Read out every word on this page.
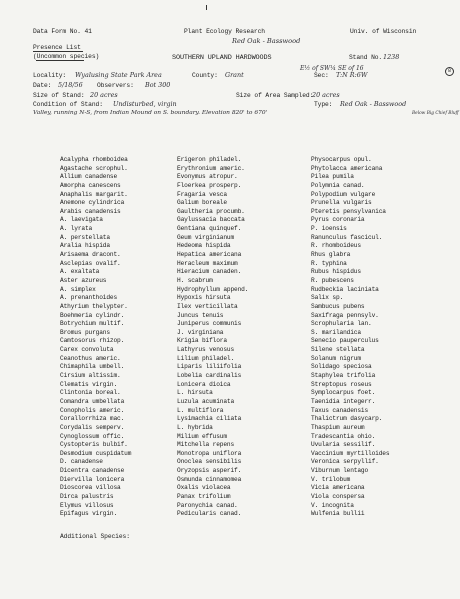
Data Form No. 41	Plant Ecology Research	Univ. of Wisconsin
Red Oak - Basswood
Presence List
(Uncommon species)	SOUTHERN UPLAND HARDWOODS	Stand No. 1238
E½ of SW¼ SE of 16	8
Locality: Wyalusing State Park Area	County: Grant	Sec: T:N R:6W
Date: 5/18/56 Observers: Bot 300
Size of Stand: 20 acres	Size of Area Sampled:
20 acres
Condition of Stand: Undisturbed, virgin	Type: Red Oak - Basswood
Valley, running N-S, from Indian Mound on S. boundary. Elevation 820' to 670'	Below Big Chief Bluff
Acalypha rhomboidea
Agastache scrophul.
Allium canadense
Amorpha canescens
Anaphalis margarit.
Anemone cylindrica
Arabis canadensis
A. laevigata
A. lyrata
A. perstellata
Aralia hispida
Arisaema dracont.
Asclepias ovalif.
A. exaltata
Aster azureus
A. simplex
A. prenanthoides
Athyrium thelypter.
Boehmeria cylindr.
Botrychium multif.
Bromus purgans
Camtosorus rhizop.
Carex convoluta
Ceanothus americ.
Chimaphila umbell.
Cirsium altissim.
Clematis virgin.
Clintonia boreal.
Comandra umbellata
Conopholis americ.
Corallorrhiza mac.
Corydalis semperv.
Cynoglossum offic.
Cystopteris bulbif.
Desmodium cuspidatum
D. canadense
Dicentra canadense
Diervilla lonicera
Dioscorea villosa
Dirca palustris
Elymus villosus
Epifagus virgin.
Erigeron philadel.
Erythronium americ.
Evonymus atropur.
Floerkea prosperp.
Fragaria vesca
Galium boreale
Gaultheria procumb.
Gaylussacia baccata
Gentiana quinquef.
Geum virginianum
Hedeoma hispida
Hepatica americana
Heracleum maximum
Hieracium canaden.
H. scabrum
Hydrophyllum append.
Hypoxis hirsuta
Ilex verticillata
Juncus tenuis
Juniperus communis
J. virginiana
Krigia biflora
Lathyrus venosus
Lilium philadel.
Liparis liliifolia
Lobelia cardinalis
Lonicera dioica
L. hirsuta
Luzula acuminata
L. multiflora
Lysimachia ciliata
L. hybrida
Milium effusum
Mitchella repens
Monotropa uniflora
Onoclea sensibilis
Oryzopsis asperif.
Osmunda cinnamomea
Oxalis violacea
Panax trifolium
Paronychia canad.
Pedicularis canad.
Physocarpus opul.
Phytolacca americana
Pilea pumila
Polymnia canad.
Polypodium vulgare
Prunella vulgaris
Pteretis pensylvanica
Pyrus coronaria
P. ioensis
Ranunculus fascicul.
R. rhomboideus
Rhus glabra
R. typhina
Rubus hispidus
R. pubescens
Rudbeckia laciniata
Salix sp.
Sambucus pubens
Saxifraga pennsylv.
Scrophularia lan.
S. marilandica
Senecio pauperculus
Silene stellata
Solanum nigrum
Solidago speciosa
Staphylea trifolia
Streptopus roseus
Symplocarpus foet.
Taenidia integerr.
Taxus canadensis
Thalictrum dasycarp.
Thaspium aureum
Tradescantia ohio.
Uvularia sessilif.
Vaccinium myrtilloides
Veronica serpyllif.
Viburnum lentago
V. trilobum
Vicia americana
Viola conspersa
V. incognita
Wulfenia bullii
Additional Species:
